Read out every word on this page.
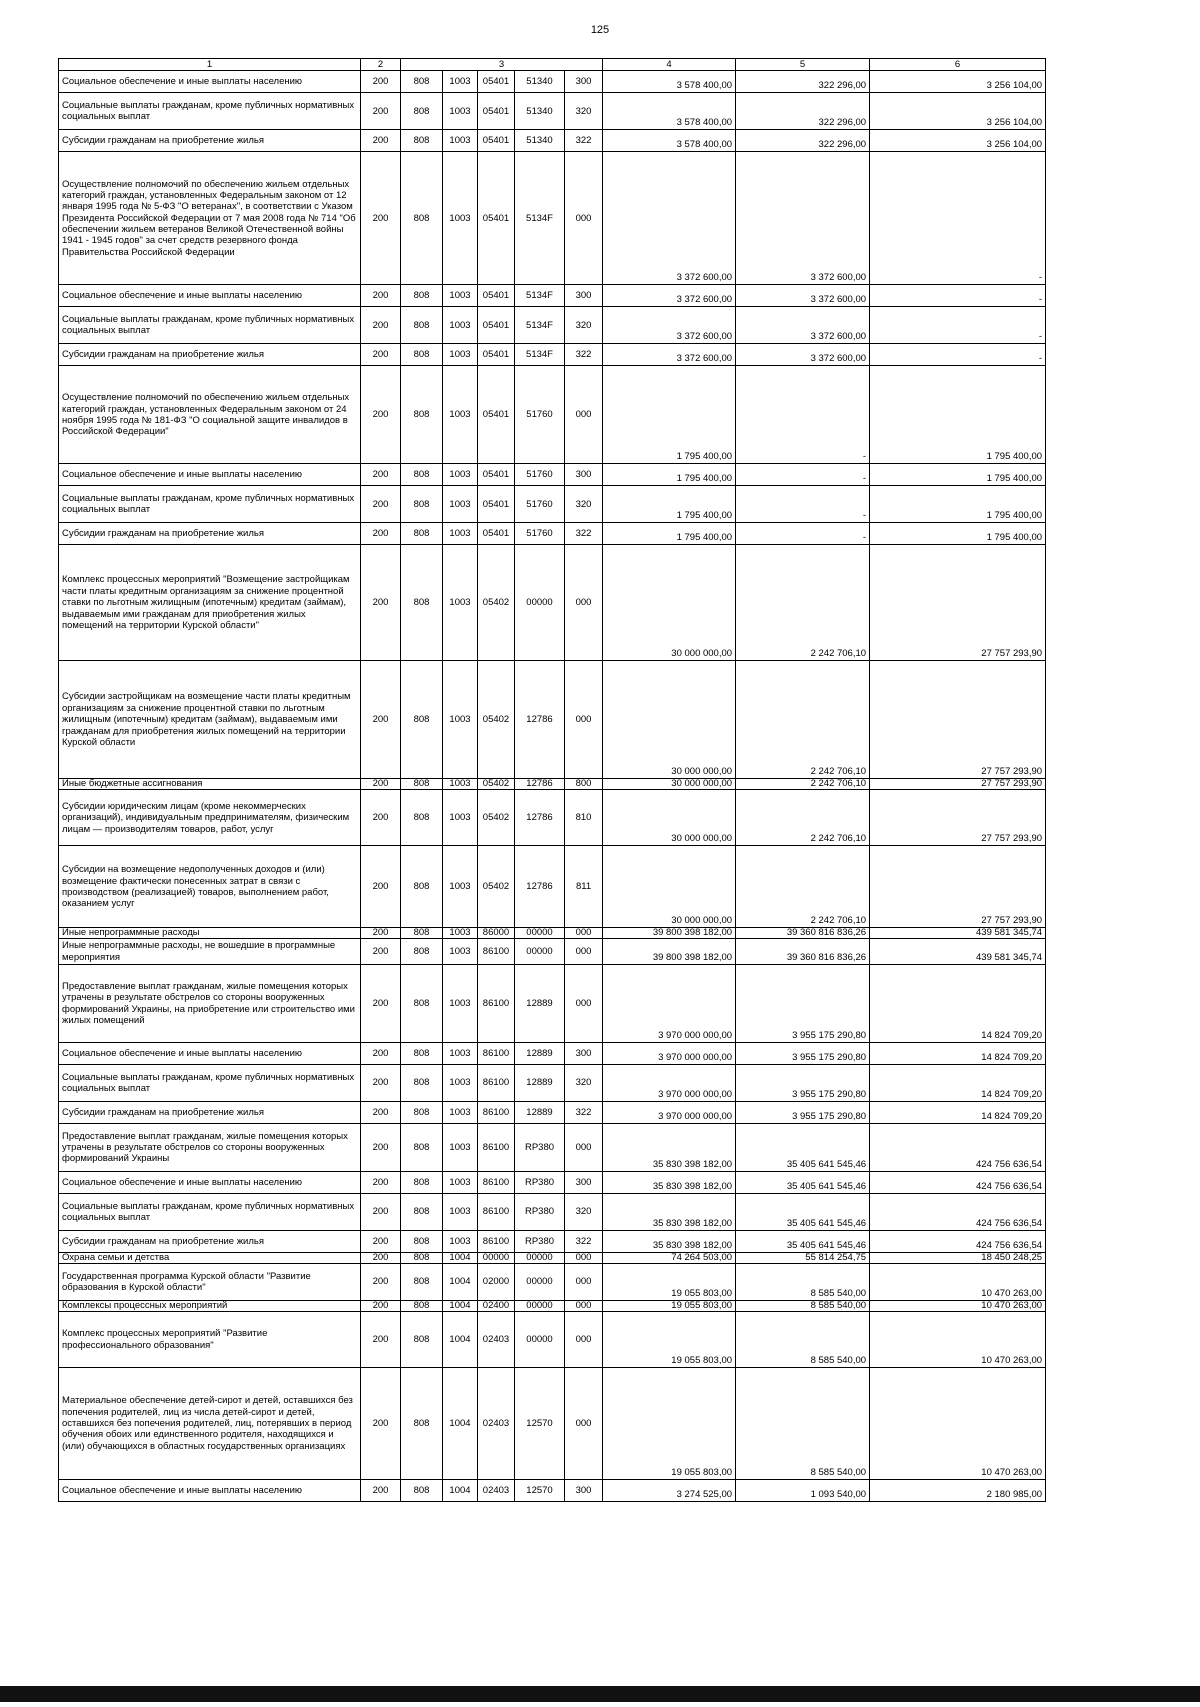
125
1	2	3					4	5	6
Социальное обеспечение и иные выплаты населению	200	808	1003	05401	51340	300	3 578 400,00	322 296,00	3 256 104,00
Социальные выплаты гражданам, кроме публичных нормативных социальных выплат	200	808	1003	05401	51340	320	3 578 400,00	322 296,00	3 256 104,00
Субсидии гражданам на приобретение жилья	200	808	1003	05401	51340	322	3 578 400,00	322 296,00	3 256 104,00
Осуществление полномочий по обеспечению жильем отдельных категорий граждан, установленных Федеральным законом от 12 января 1995 года № 5-ФЗ "О ветеранах", в соответствии с Указом Президента Российской Федерации от 7 мая 2008 года № 714 "Об обеспечении жильем ветеранов Великой Отечественной войны 1941 - 1945 годов" за счет средств резервного фонда Правительства Российской Федерации	200	808	1003	05401	5134F	000	3 372 600,00	3 372 600,00	-
Социальное обеспечение и иные выплаты населению	200	808	1003	05401	5134F	300	3 372 600,00	3 372 600,00	-
Социальные выплаты гражданам, кроме публичных нормативных социальных выплат	200	808	1003	05401	5134F	320	3 372 600,00	3 372 600,00	-
Субсидии гражданам на приобретение жилья	200	808	1003	05401	5134F	322	3 372 600,00	3 372 600,00	-
Осуществление полномочий по обеспечению жильем отдельных категорий граждан, установленных Федеральным законом от 24 ноября 1995 года № 181-ФЗ "О социальной защите инвалидов в Российской Федерации"	200	808	1003	05401	51760	000	1 795 400,00	-	1 795 400,00
Социальное обеспечение и иные выплаты населению	200	808	1003	05401	51760	300	1 795 400,00	-	1 795 400,00
Социальные выплаты гражданам, кроме публичных нормативных социальных выплат	200	808	1003	05401	51760	320	1 795 400,00	-	1 795 400,00
Субсидии гражданам на приобретение жилья	200	808	1003	05401	51760	322	1 795 400,00	-	1 795 400,00
Комплекс процессных мероприятий "Возмещение застройщикам части платы кредитным организациям за снижение процентной ставки по льготным жилищным (ипотечным) кредитам (займам), выдаваемым ими гражданам для приобретения жилых помещений на территории Курской области"	200	808	1003	05402	00000	000	30 000 000,00	2 242 706,10	27 757 293,90
Субсидии застройщикам на возмещение части платы кредитным организациям за снижение процентной ставки по льготным жилищным (ипотечным) кредитам (займам), выдаваемым ими гражданам для приобретения жилых помещений на территории Курской области	200	808	1003	05402	12786	000	30 000 000,00	2 242 706,10	27 757 293,90
Иные бюджетные ассигнования	200	808	1003	05402	12786	800	30 000 000,00	2 242 706,10	27 757 293,90
Субсидии юридическим лицам (кроме некоммерческих организаций), индивидуальным предпринимателям, физическим лицам — производителям товаров, работ, услуг	200	808	1003	05402	12786	810	30 000 000,00	2 242 706,10	27 757 293,90
Субсидии на возмещение недополученных доходов и (или) возмещение фактически понесенных затрат в связи с производством (реализацией) товаров, выполнением работ, оказанием услуг	200	808	1003	05402	12786	811	30 000 000,00	2 242 706,10	27 757 293,90
Иные непрограммные расходы	200	808	1003	86000	00000	000	39 800 398 182,00	39 360 816 836,26	439 581 345,74
Иные непрограммные расходы, не вошедшие в программные мероприятия	200	808	1003	86100	00000	000	39 800 398 182,00	39 360 816 836,26	439 581 345,74
Предоставление выплат гражданам, жилые помещения которых утрачены в результате обстрелов со стороны вооруженных формирований Украины, на приобретение или строительство ими жилых помещений	200	808	1003	86100	12889	000	3 970 000 000,00	3 955 175 290,80	14 824 709,20
Социальное обеспечение и иные выплаты населению	200	808	1003	86100	12889	300	3 970 000 000,00	3 955 175 290,80	14 824 709,20
Социальные выплаты гражданам, кроме публичных нормативных социальных выплат	200	808	1003	86100	12889	320	3 970 000 000,00	3 955 175 290,80	14 824 709,20
Субсидии гражданам на приобретение жилья	200	808	1003	86100	12889	322	3 970 000 000,00	3 955 175 290,80	14 824 709,20
Предоставление выплат гражданам, жилые помещения которых утрачены в результате обстрелов со стороны вооруженных формирований Украины	200	808	1003	86100	RP380	000	35 830 398 182,00	35 405 641 545,46	424 756 636,54
Социальное обеспечение и иные выплаты населению	200	808	1003	86100	RP380	300	35 830 398 182,00	35 405 641 545,46	424 756 636,54
Социальные выплаты гражданам, кроме публичных нормативных социальных выплат	200	808	1003	86100	RP380	320	35 830 398 182,00	35 405 641 545,46	424 756 636,54
Субсидии гражданам на приобретение жилья	200	808	1003	86100	RP380	322	35 830 398 182,00	35 405 641 545,46	424 756 636,54
Охрана семьи и детства	200	808	1004	00000	00000	000	74 264 503,00	55 814 254,75	18 450 248,25
Государственная программа Курской области "Развитие образования в Курской области"	200	808	1004	02000	00000	000	19 055 803,00	8 585 540,00	10 470 263,00
Комплексы процессных мероприятий	200	808	1004	02400	00000	000	19 055 803,00	8 585 540,00	10 470 263,00
Комплекс процессных мероприятий "Развитие профессионального образования"	200	808	1004	02403	00000	000	19 055 803,00	8 585 540,00	10 470 263,00
Материальное обеспечение детей-сирот и детей, оставшихся без попечения родителей, лиц из числа детей-сирот и детей, оставшихся без попечения родителей, лиц, потерявших в период обучения обоих или единственного родителя, находящихся и (или) обучающихся в областных государственных организациях	200	808	1004	02403	12570	000	19 055 803,00	8 585 540,00	10 470 263,00
Социальное обеспечение и иные выплаты населению	200	808	1004	02403	12570	300	3 274 525,00	1 093 540,00	2 180 985,00
